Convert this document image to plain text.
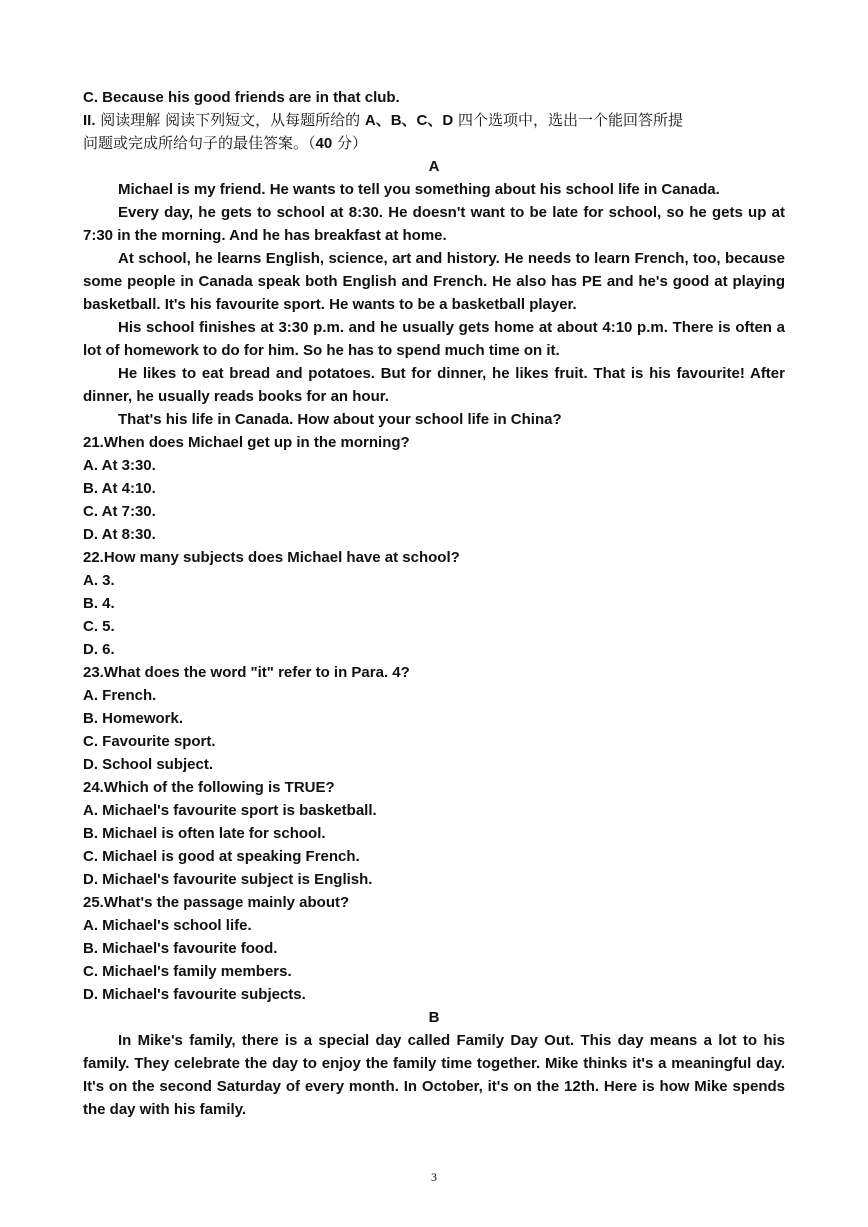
C. Because his good friends are in that club.

II. 阅读理解 阅读下列短文，从每题所给的 A、B、C、D 四个选项中，选出一个能回答所提

问题或完成所给句子的最佳答案。（40 分）

A

Michael is my friend. He wants to tell you something about his school life in Canada.

Every day, he gets to school at 8:30. He doesn't want to be late for school, so he gets up at 7:30 in the morning. And he has breakfast at home.

At school, he learns English, science, art and history. He needs to learn French, too, because some people in Canada speak both English and French. He also has PE and he's good at playing basketball. It's his favourite sport. He wants to be a basketball player.

His school finishes at 3:30 p.m. and he usually gets home at about 4:10 p.m. There is often a lot of homework to do for him. So he has to spend much time on it.

He likes to eat bread and potatoes. But for dinner, he likes fruit. That is his favourite! After dinner, he usually reads books for an hour.

That's his life in Canada. How about your school life in China?

21.When does Michael get up in the morning?

A. At 3:30.

B. At 4:10.

C. At 7:30.

D. At 8:30.

22.How many subjects does Michael have at school?

A. 3.

B. 4.

C. 5.

D. 6.

23.What does the word "it" refer to in Para. 4?

A. French.

B. Homework.

C. Favourite sport.

D. School subject.

24.Which of the following is TRUE?

A. Michael's favourite sport is basketball.

B. Michael is often late for school.

C. Michael is good at speaking French.

D. Michael's favourite subject is English.

25.What's the passage mainly about?

A. Michael's school life.

B. Michael's favourite food.

C. Michael's family members.

D. Michael's favourite subjects.

B

In Mike's family, there is a special day called Family Day Out. This day means a lot to his family. They celebrate the day to enjoy the family time together. Mike thinks it's a meaningful day. It's on the second Saturday of every month. In October, it's on the 12th. Here is how Mike spends the day with his family.

3
